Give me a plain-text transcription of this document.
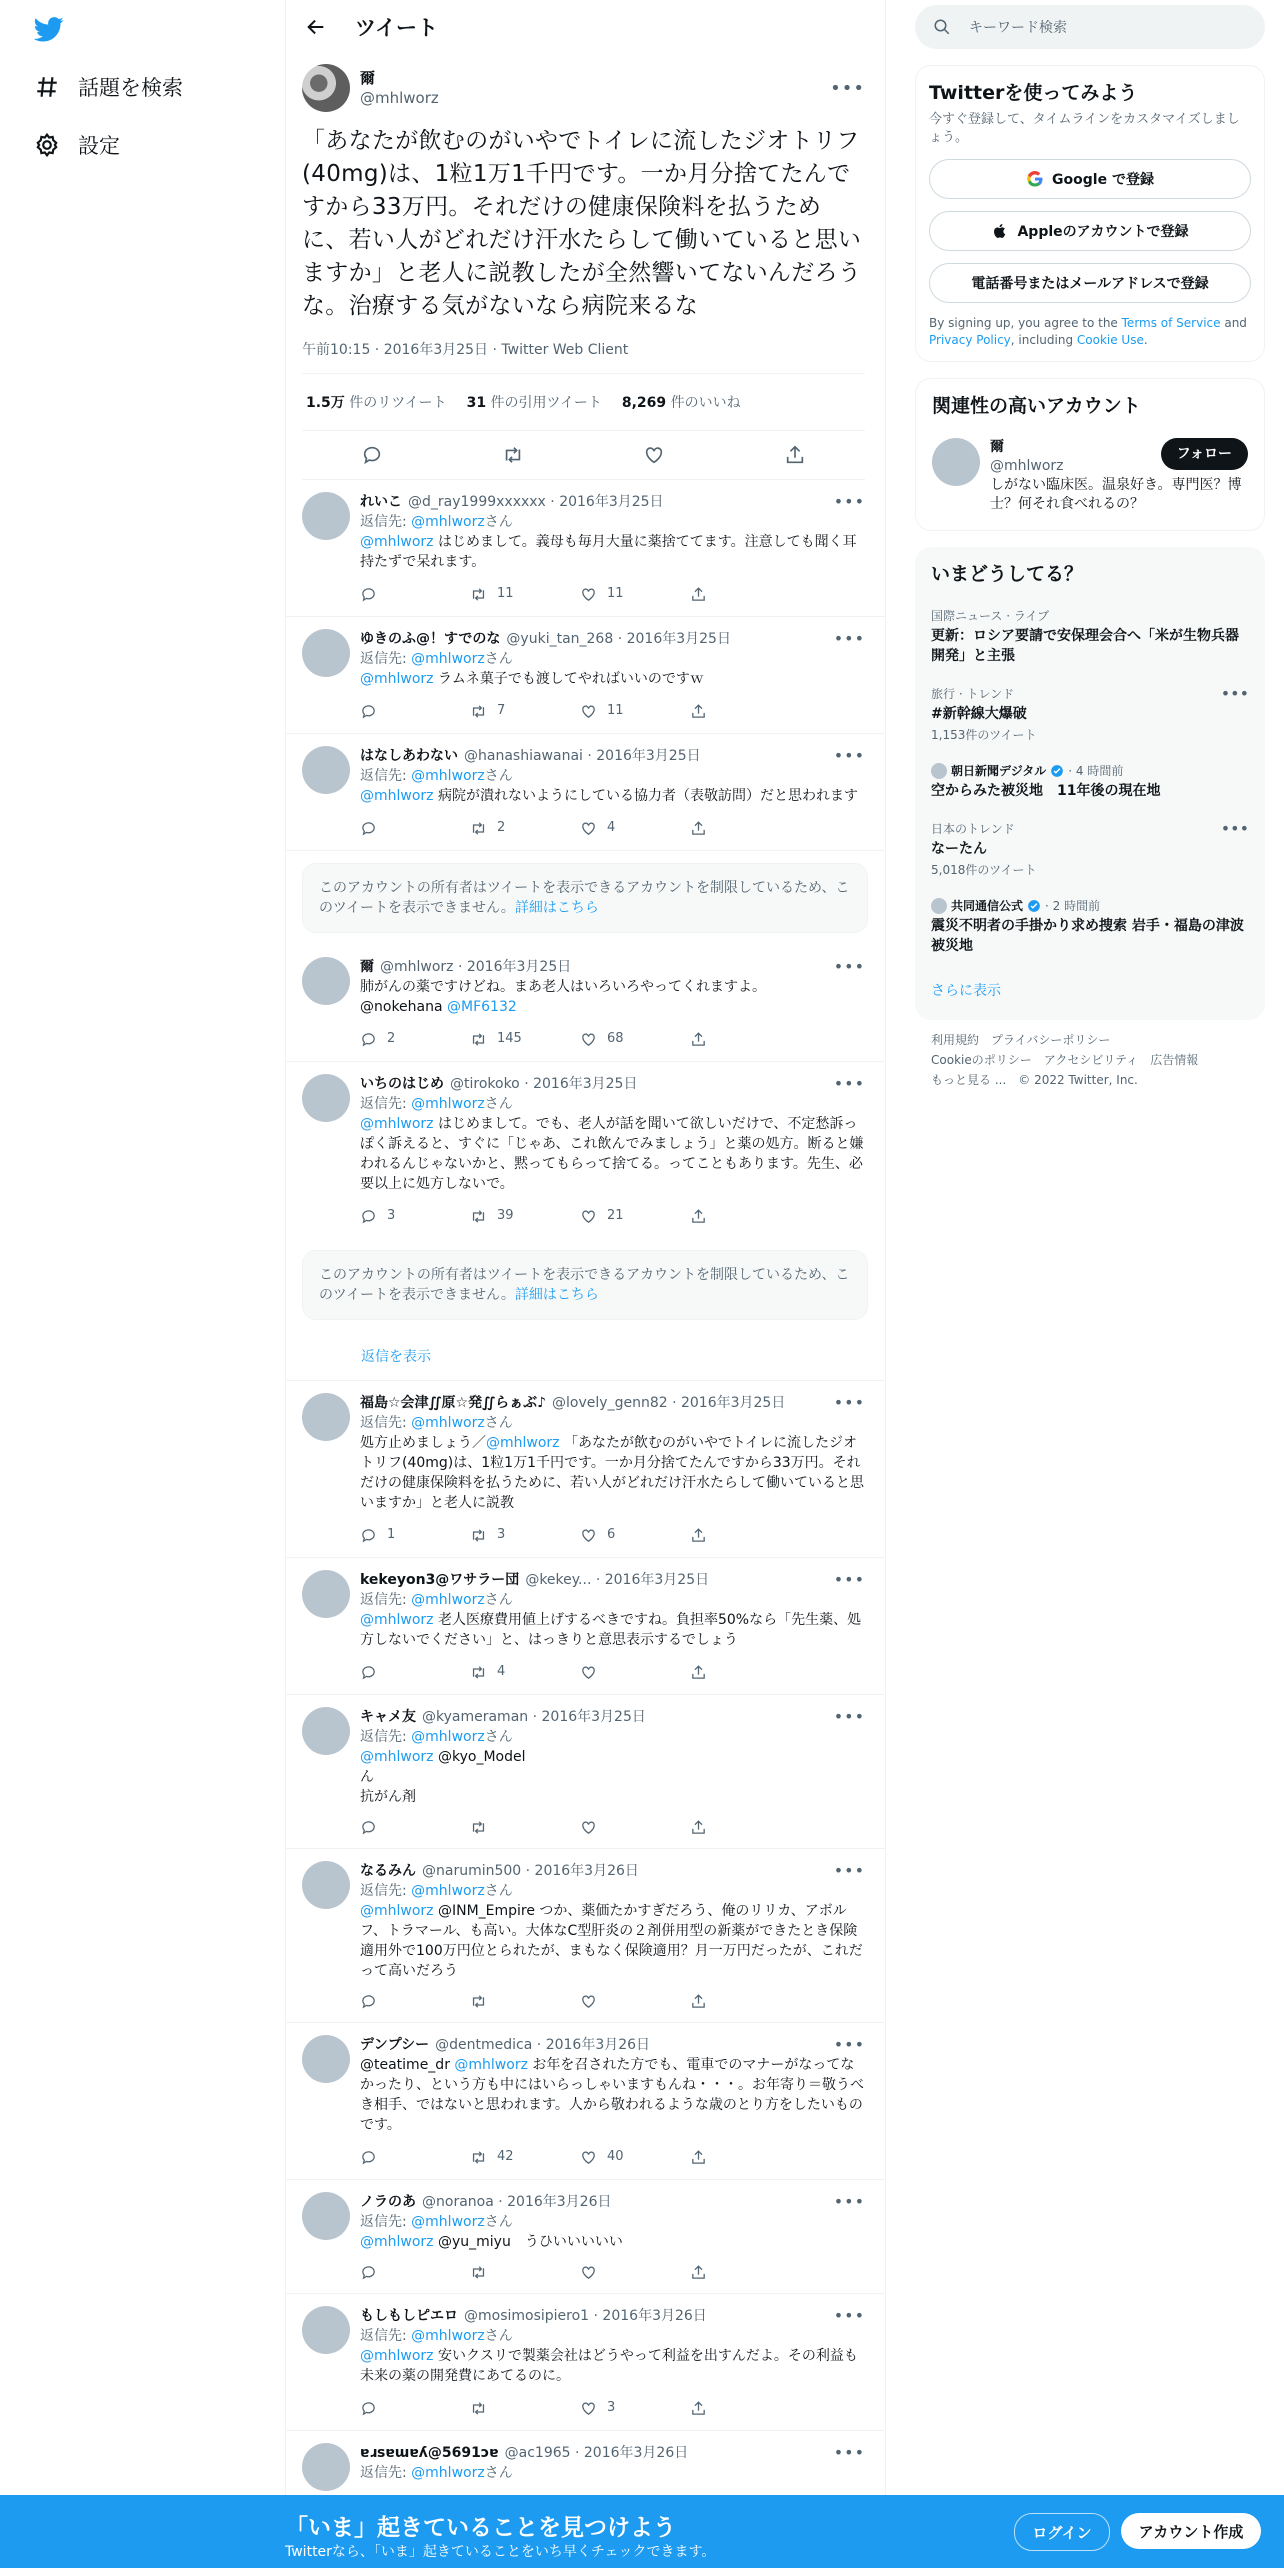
話題を検索
設定
ツイート
爾
@mhlworz	•••
「あなたが飲むのがいやでトイレに流したジオトリフ(40mg)は、1粒1万1千円です。一か月分捨てたんですから33万円。それだけの健康保険料を払うために、若い人がどれだけ汗水たらして働いていると思いますか」と老人に説教したが全然響いてないんだろうな。治療する気がないなら病院来るな
午前10:15 · 2016年3月25日 · Twitter Web Client
1.5万 件のリツイート 31 件の引用ツイート 8,269 件のいいね
れいこ @d_ray1999xxxxxx · 2016年3月25日	•••
返信先: @mhlworzさん
@mhlworz はじめまして。義母も毎月大量に薬捨ててます。注意しても聞く耳持たずで呆れます。
11	11
ゆきのふ@！すでのな @yuki_tan_268 · 2016年3月25日	•••
返信先: @mhlworzさん
@mhlworz ラムネ菓子でも渡してやればいいのですｗ
7	11
はなしあわない @hanashiawanai · 2016年3月25日	•••
返信先: @mhlworzさん
@mhlworz 病院が潰れないようにしている協力者（表敬訪問）だと思われます
2	4
このアカウントの所有者はツイートを表示できるアカウントを制限しているため、このツイートを表示できません。詳細はこちら
爾 @mhlworz · 2016年3月25日	•••
肺がんの薬ですけどね。まあ老人はいろいろやってくれますよ。
@nokehana @MF6132
2	145	68
いちのはじめ @tirokoko · 2016年3月25日	•••
返信先: @mhlworzさん
@mhlworz はじめまして。でも、老人が話を聞いて欲しいだけで、不定愁訴っぽく訴えると、すぐに「じゃあ、これ飲んでみましょう」と薬の処方。断ると嫌われるんじゃないかと、黙ってもらって捨てる。ってこともあります。先生、必要以上に処方しないで。
3	39	21
このアカウントの所有者はツイートを表示できるアカウントを制限しているため、このツイートを表示できません。詳細はこちら
返信を表示
福島☆会津∬原☆発∬らぁぶ♪ @lovely_genn82 · 2016年3月25日	•••
返信先: @mhlworzさん
処方止めましょう／@mhlworz 「あなたが飲むのがいやでトイレに流したジオトリフ(40mg)は、1粒1万1千円です。一か月分捨てたんですから33万円。それだけの健康保険料を払うために、若い人がどれだけ汗水たらして働いていると思いますか」と老人に説教
1	3	6
kekeyon3@ワサラー団 @kekey... · 2016年3月25日	•••
返信先: @mhlworzさん
@mhlworz 老人医療費用値上げするべきですね。負担率50%なら「先生薬、処方しないでください」と、はっきりと意思表示するでしょう
4
キャメ友 @kyameraman · 2016年3月25日	•••
返信先: @mhlworzさん
@mhlworz @kyo_Model
ん
抗がん剤
なるみん @narumin500 · 2016年3月26日	•••
返信先: @mhlworzさん
@mhlworz @INM_Empire つか、薬価たかすぎだろう、俺のリリカ、アボルフ、トラマール、も高い。大体なC型肝炎の２剤併用型の新薬ができたとき保険適用外で100万円位とられたが、まもなく保険適用？月一万円だったが、これだって高いだろう
デンプシー @dentmedica · 2016年3月26日	•••
@teatime_dr @mhlworz お年を召された方でも、電車でのマナーがなってなかったり、という方も中にはいらっしゃいますもんね・・・。お年寄り＝敬うべき相手、ではないと思われます。人から敬われるような歳のとり方をしたいものです。
42	40
ノラのあ @noranoa · 2016年3月26日	•••
返信先: @mhlworzさん
@mhlworz @yu_miyu　うひいいいいい
もしもしピエロ @mosimosipiero1 · 2016年3月26日	•••
返信先: @mhlworzさん
@mhlworz 安いクスリで製薬会社はどうやって利益を出すんだよ。その利益も未来の薬の開発費にあてるのに。
3
ɐɹsɐɯɐʎ@5691ɔɐ @ac1965 · 2016年3月26日	•••
返信先: @mhlworzさん
キーワード検索
Twitterを使ってみよう
今すぐ登録して、タイムラインをカスタマイズしましょう。
Google で登録
Appleのアカウントで登録
電話番号またはメールアドレスで登録
By signing up, you agree to the Terms of Service and Privacy Policy, including Cookie Use.
関連性の高いアカウント
爾
@mhlworz
フォロー
しがない臨床医。温泉好き。専門医？博士？何それ食べれるの？
いまどうしてる？
国際ニュース · ライブ
更新：ロシア要請で安保理会合へ「米が生物兵器開発」と主張
旅行 · トレンド
#新幹線大爆破
1,153件のツイート
•••
朝日新聞デジタル · 4 時間前
空からみた被災地　11年後の現在地
日本のトレンド
なーたん
5,018件のツイート
•••
共同通信公式 · 2 時間前
震災不明者の手掛かり求め捜索 岩手・福島の津波被災地
さらに表示
利用規約 プライバシーポリシー
Cookieのポリシー アクセシビリティ 広告情報
もっと見る ... © 2022 Twitter, Inc.
「いま」起きていることを見つけよう
Twitterなら、「いま」起きていることをいち早くチェックできます。
ログイン	アカウント作成
